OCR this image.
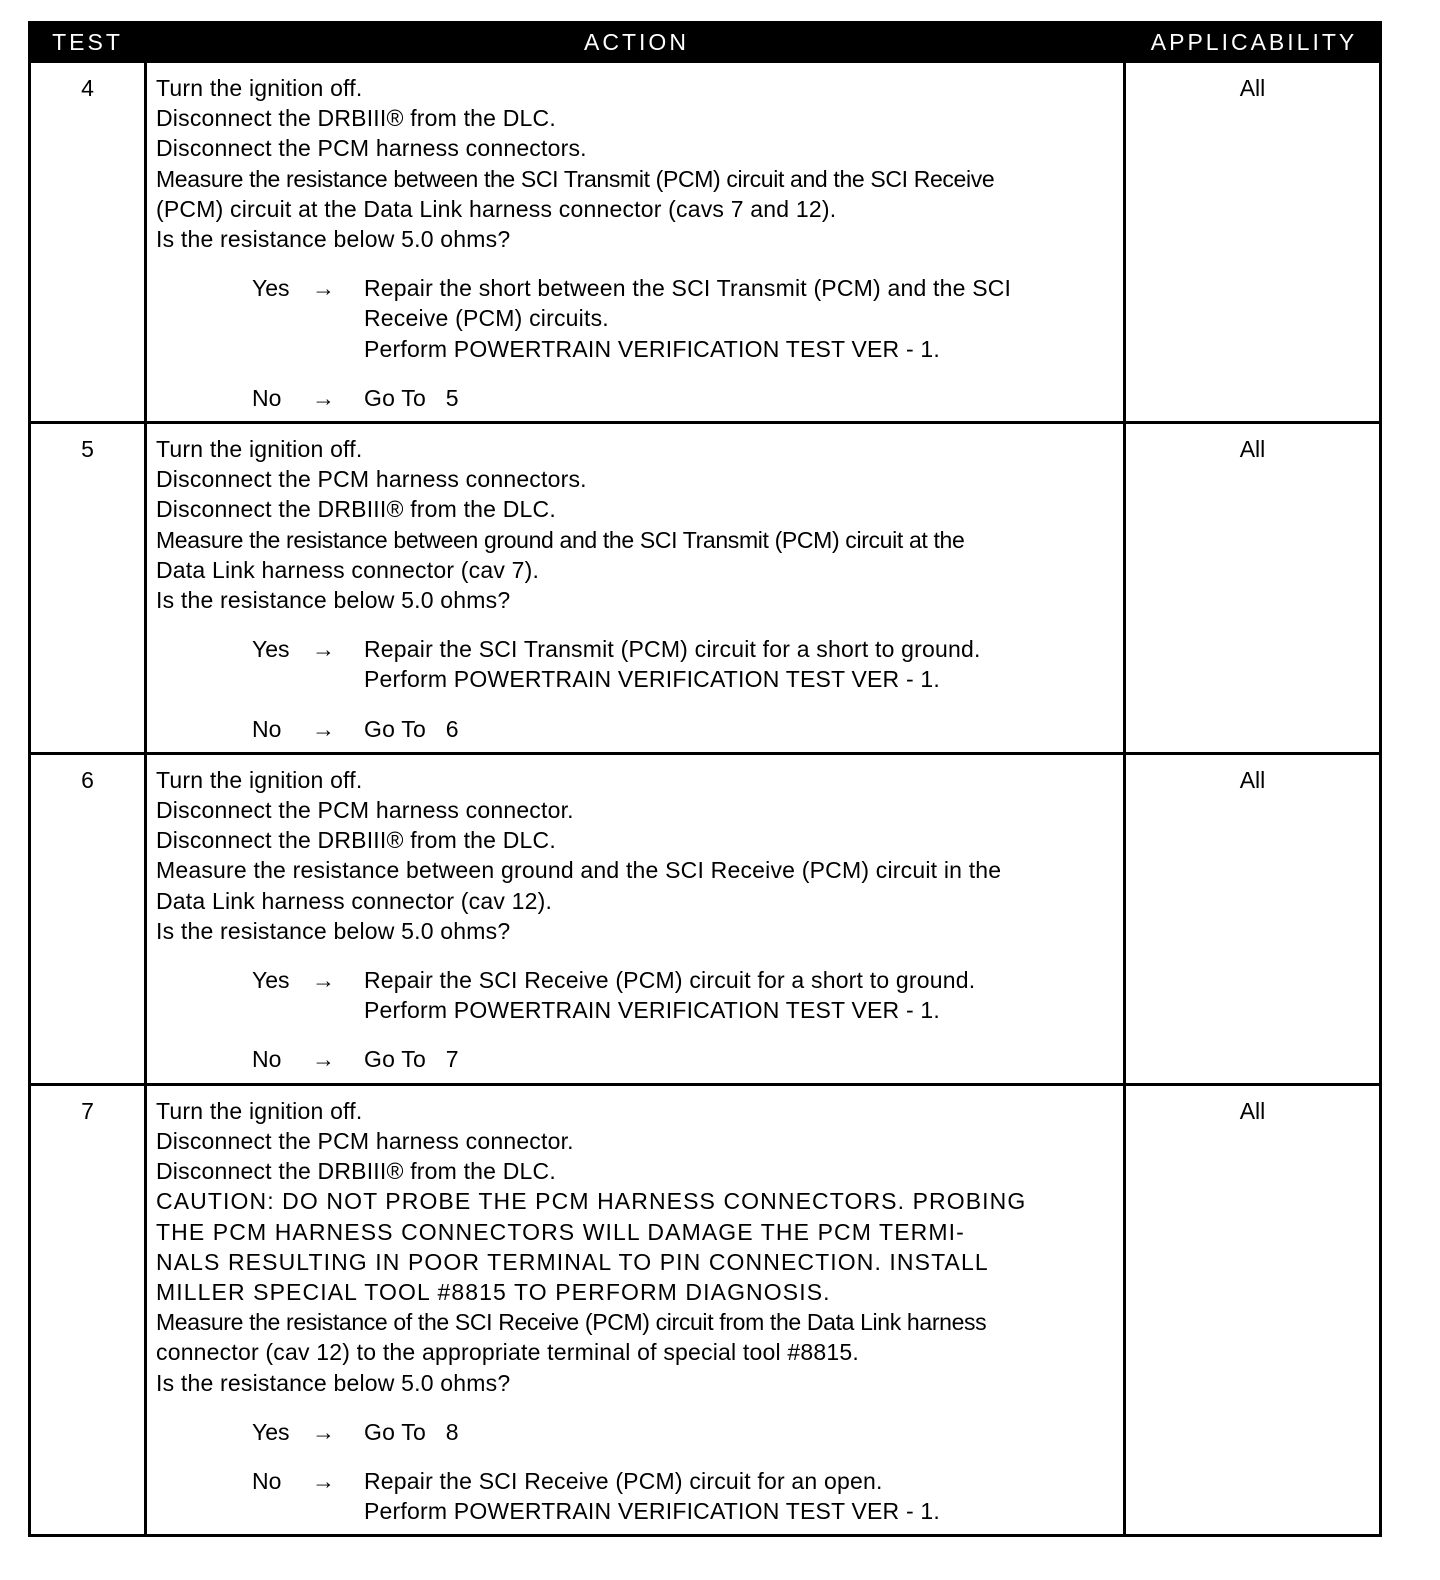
TEST	ACTION	APPLICABILITY
4	Turn the ignition off.
Disconnect the DRBIII® from the DLC.
Disconnect the PCM harness connectors.
Measure the resistance between the SCI Transmit (PCM) circuit and the SCI Receive
(PCM) circuit at the Data Link harness connector (cavs 7 and 12).
Is the resistance below 5.0 ohms?
Yes →	Repair the short between the SCI Transmit (PCM) and the SCI
Receive (PCM) circuits.
Perform POWERTRAIN VERIFICATION TEST VER - 1.
No	→	Go To   5
All
5	Turn the ignition off.
Disconnect the PCM harness connectors.
Disconnect the DRBIII® from the DLC.
Measure the resistance between ground and the SCI Transmit (PCM) circuit at the
Data Link harness connector (cav 7).
Is the resistance below 5.0 ohms?
Yes →	Repair the SCI Transmit (PCM) circuit for a short to ground.
Perform POWERTRAIN VERIFICATION TEST VER - 1.
No	→	Go To   6
All
6	Turn the ignition off.
Disconnect the PCM harness connector.
Disconnect the DRBIII® from the DLC.
Measure the resistance between ground and the SCI Receive (PCM) circuit in the
Data Link harness connector (cav 12).
Is the resistance below 5.0 ohms?
Yes →	Repair the SCI Receive (PCM) circuit for a short to ground.
Perform POWERTRAIN VERIFICATION TEST VER - 1.
No	→	Go To   7
All
7	Turn the ignition off.
Disconnect the PCM harness connector.
Disconnect the DRBIII® from the DLC.
CAUTION: DO NOT PROBE THE PCM HARNESS CONNECTORS. PROBING
THE PCM HARNESS CONNECTORS WILL DAMAGE THE PCM TERMI-
NALS RESULTING IN POOR TERMINAL TO PIN CONNECTION. INSTALL
MILLER SPECIAL TOOL #8815 TO PERFORM DIAGNOSIS.
Measure the resistance of the SCI Receive (PCM) circuit from the Data Link harness
connector (cav 12) to the appropriate terminal of special tool #8815.
Is the resistance below 5.0 ohms?
Yes →	Go To   8
No	→	Repair the SCI Receive (PCM) circuit for an open.
Perform POWERTRAIN VERIFICATION TEST VER - 1.
All
